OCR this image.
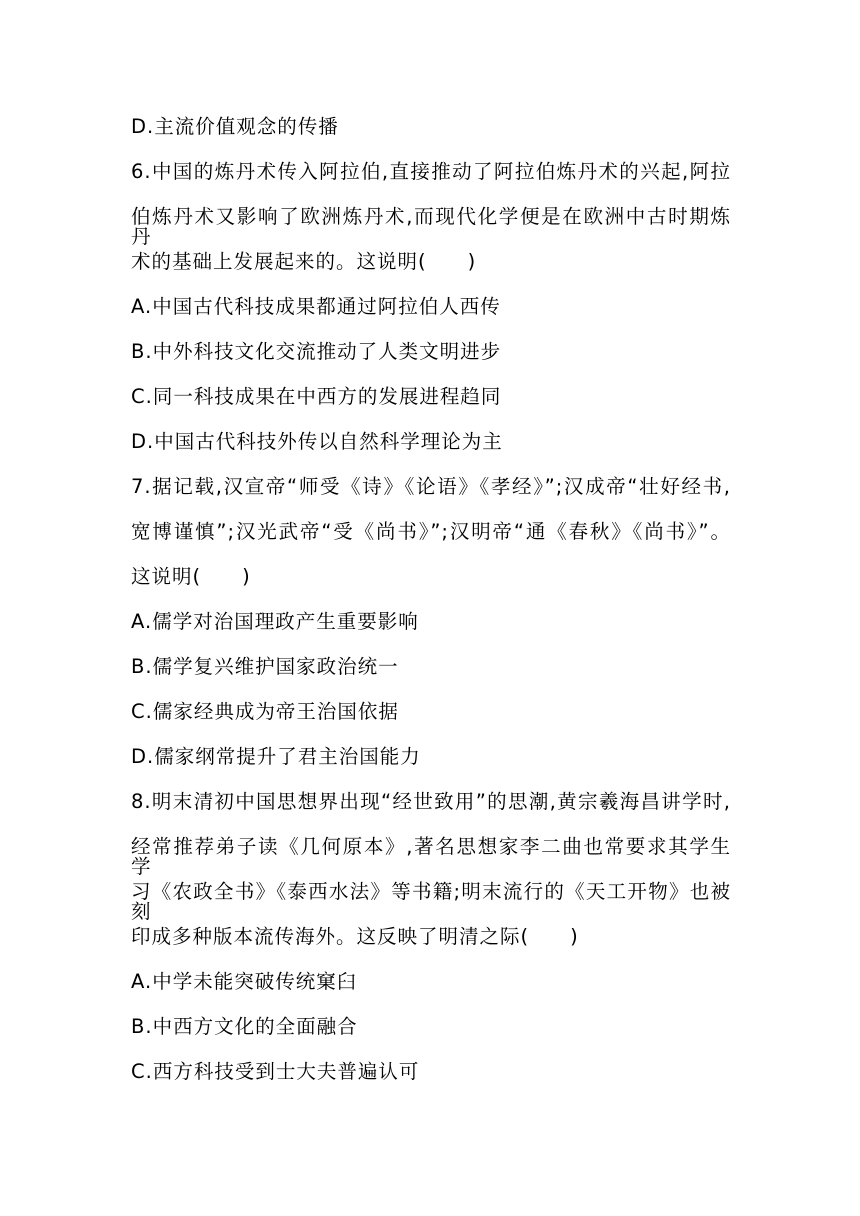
D.主流价值观念的传播
6.中国的炼丹术传入阿拉伯,直接推动了阿拉伯炼丹术的兴起,阿拉
伯炼丹术又影响了欧洲炼丹术,而现代化学便是在欧洲中古时期炼丹
术的基础上发展起来的。这说明(　　)
A.中国古代科技成果都通过阿拉伯人西传
B.中外科技文化交流推动了人类文明进步
C.同一科技成果在中西方的发展进程趋同
D.中国古代科技外传以自然科学理论为主
7.据记载,汉宣帝“师受《诗》《论语》《孝经》”;汉成帝“壮好经书,
宽博谨慎”;汉光武帝“受《尚书》”;汉明帝“通《春秋》《尚书》”。
这说明(　　)
A.儒学对治国理政产生重要影响
B.儒学复兴维护国家政治统一
C.儒家经典成为帝王治国依据
D.儒家纲常提升了君主治国能力
8.明末清初中国思想界出现“经世致用”的思潮,黄宗羲海昌讲学时,
经常推荐弟子读《几何原本》,著名思想家李二曲也常要求其学生学
习《农政全书》《泰西水法》等书籍;明末流行的《天工开物》也被刻
印成多种版本流传海外。这反映了明清之际(　　)
A.中学未能突破传统窠臼
B.中西方文化的全面融合
C.西方科技受到士大夫普遍认可
